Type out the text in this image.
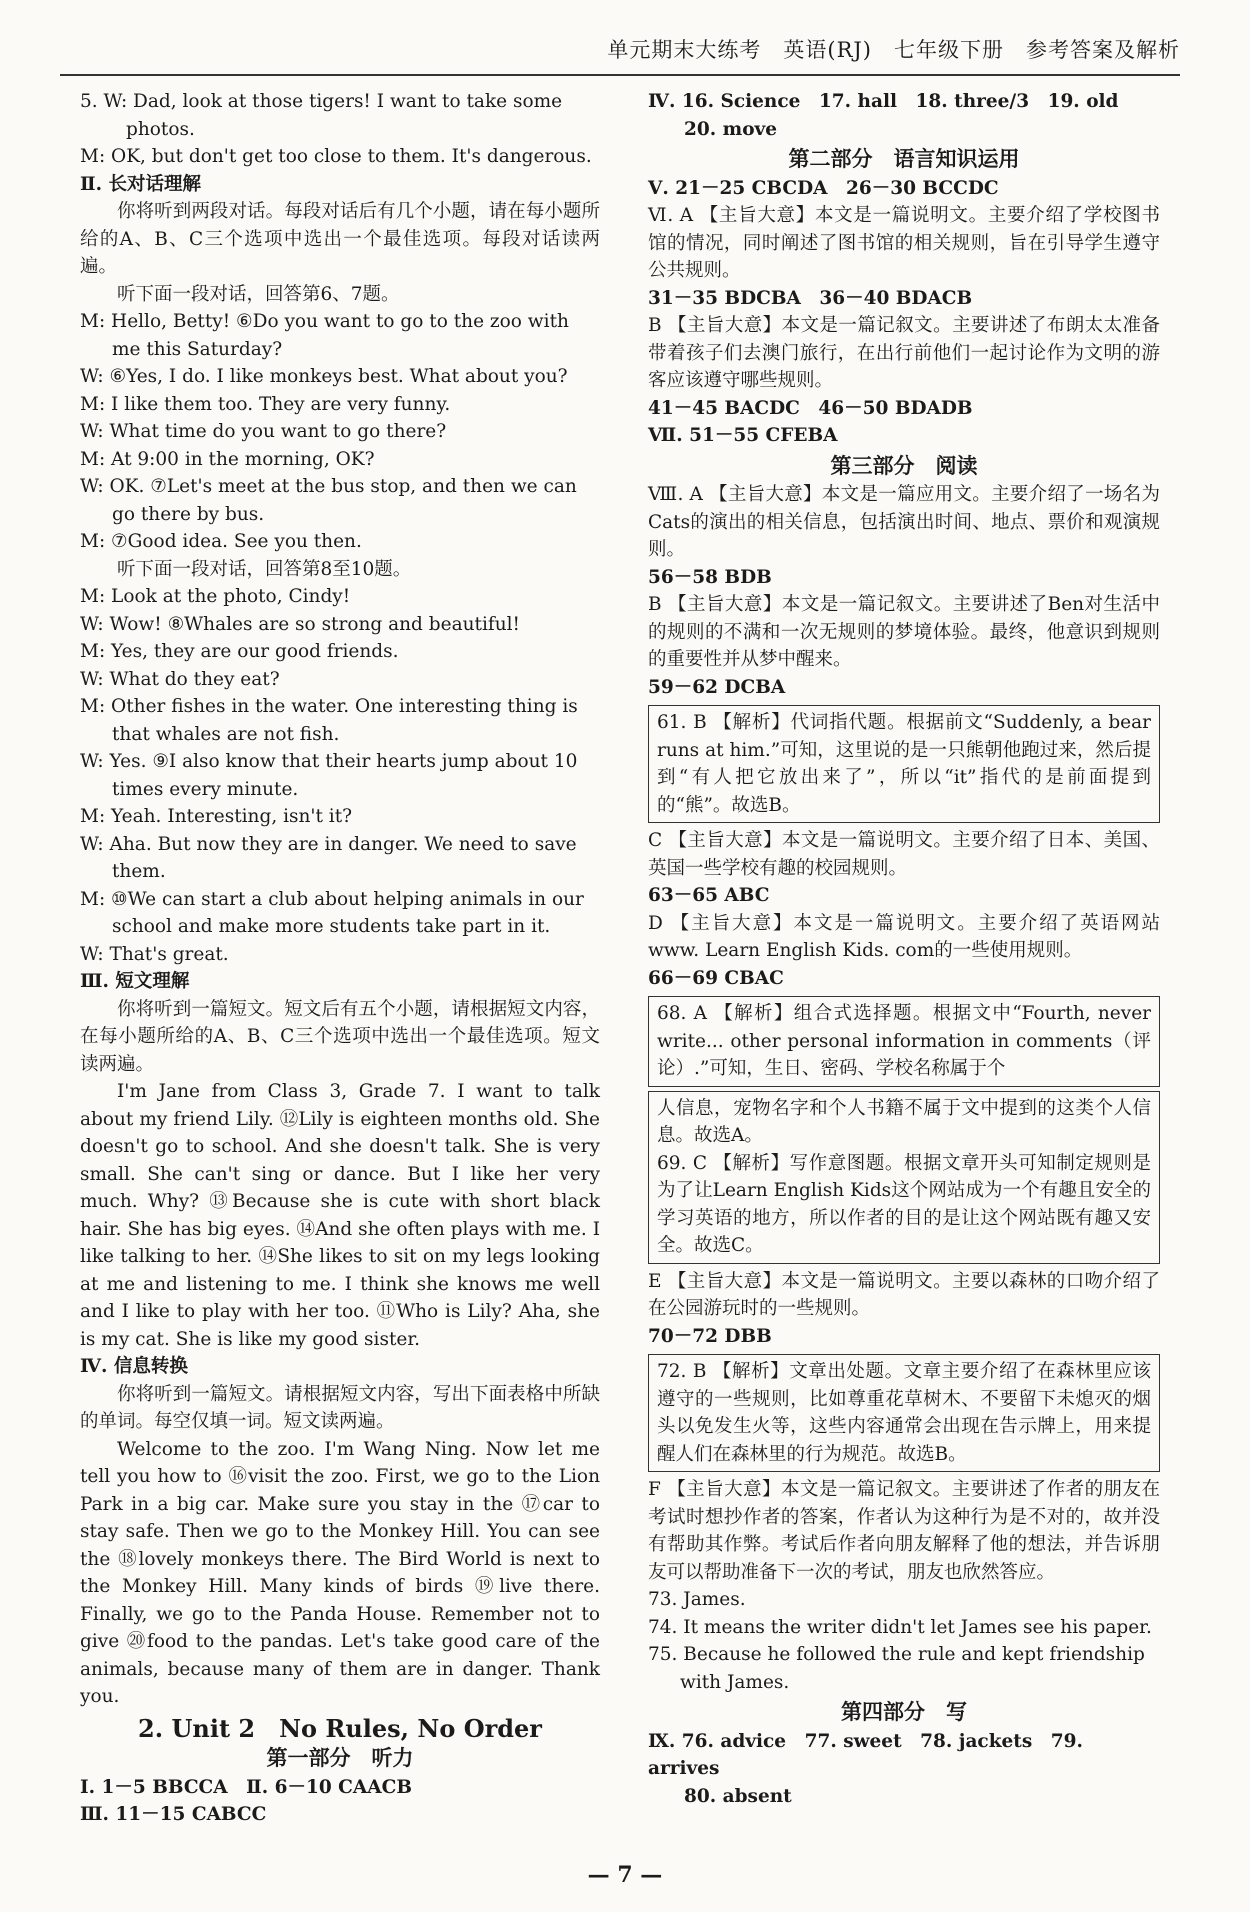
单元期末大练考　英语(RJ)　七年级下册　参考答案及解析

5. W: Dad, look at those tigers! I want to take some photos.

M: OK, but don't get too close to them. It's dangerous.

Ⅱ. 长对话理解

你将听到两段对话。每段对话后有几个小题，请在每小题所给的A、B、C三个选项中选出一个最佳选项。每段对话读两遍。

听下面一段对话，回答第6、7题。

M: Hello, Betty! ⑥Do you want to go to the zoo with me this Saturday?

W: ⑥Yes, I do. I like monkeys best. What about you?

M: I like them too. They are very funny.

W: What time do you want to go there?

M: At 9:00 in the morning, OK?

W: OK. ⑦Let's meet at the bus stop, and then we can go there by bus.

M: ⑦Good idea. See you then.

听下面一段对话，回答第8至10题。

M: Look at the photo, Cindy!

W: Wow! ⑧Whales are so strong and beautiful!

M: Yes, they are our good friends.

W: What do they eat?

M: Other fishes in the water. One interesting thing is that whales are not fish.

W: Yes. ⑨I also know that their hearts jump about 10 times every minute.

M: Yeah. Interesting, isn't it?

W: Aha. But now they are in danger. We need to save them.

M: ⑩We can start a club about helping animals in our school and make more students take part in it.

W: That's great.

Ⅲ. 短文理解

你将听到一篇短文。短文后有五个小题，请根据短文内容，在每小题所给的A、B、C三个选项中选出一个最佳选项。短文读两遍。

I'm Jane from Class 3, Grade 7. I want to talk about my friend Lily. ⑫Lily is eighteen months old. She doesn't go to school. And she doesn't talk. She is very small. She can't sing or dance. But I like her very much. Why? ⑬Because she is cute with short black hair. She has big eyes. ⑭And she often plays with me. I like talking to her. ⑭She likes to sit on my legs looking at me and listening to me. I think she knows me well and I like to play with her too. ⑪Who is Lily? Aha, she is my cat. She is like my good sister.

Ⅳ. 信息转换

你将听到一篇短文。请根据短文内容，写出下面表格中所缺的单词。每空仅填一词。短文读两遍。

Welcome to the zoo. I'm Wang Ning. Now let me tell you how to ⑯visit the zoo. First, we go to the Lion Park in a big car. Make sure you stay in the ⑰car to stay safe. Then we go to the Monkey Hill. You can see the ⑱lovely monkeys there. The Bird World is next to the Monkey Hill. Many kinds of birds ⑲live there. Finally, we go to the Panda House. Remember not to give ⑳food to the pandas. Let's take good care of the animals, because many of them are in danger. Thank you.

2. Unit 2　No Rules, No Order

第一部分　听力

Ⅰ. 1－5 BBCCA　Ⅱ. 6－10 CAACB

Ⅲ. 11－15 CABCC

Ⅳ. 16. Science　17. hall　18. three/3　19. old

20. move

第二部分　语言知识运用

Ⅴ. 21－25 CBCDA　26－30 BCCDC

Ⅵ. A 【主旨大意】本文是一篇说明文。主要介绍了学校图书馆的情况，同时阐述了图书馆的相关规则，旨在引导学生遵守公共规则。

31－35 BDCBA　36－40 BDACB

B 【主旨大意】本文是一篇记叙文。主要讲述了布朗太太准备带着孩子们去澳门旅行，在出行前他们一起讨论作为文明的游客应该遵守哪些规则。

41－45 BACDC　46－50 BDADB

Ⅶ. 51－55 CFEBA

第三部分　阅读

Ⅷ. A 【主旨大意】本文是一篇应用文。主要介绍了一场名为Cats的演出的相关信息，包括演出时间、地点、票价和观演规则。

56－58 BDB

B 【主旨大意】本文是一篇记叙文。主要讲述了Ben对生活中的规则的不满和一次无规则的梦境体验。最终，他意识到规则的重要性并从梦中醒来。

59－62 DCBA

61. B 【解析】代词指代题。根据前文“Suddenly, a bear runs at him.”可知，这里说的是一只熊朝他跑过来，然后提到“有人把它放出来了”，所以“it”指代的是前面提到的“熊”。故选B。

C 【主旨大意】本文是一篇说明文。主要介绍了日本、美国、英国一些学校有趣的校园规则。

63－65 ABC

D 【主旨大意】本文是一篇说明文。主要介绍了英语网站www. Learn English Kids. com的一些使用规则。

66－69 CBAC

68. A 【解析】组合式选择题。根据文中“Fourth, never write... other personal information in comments（评论）.”可知，生日、密码、学校名称属于个

人信息，宠物名字和个人书籍不属于文中提到的这类个人信息。故选A。

69. C 【解析】写作意图题。根据文章开头可知制定规则是为了让Learn English Kids这个网站成为一个有趣且安全的学习英语的地方，所以作者的目的是让这个网站既有趣又安全。故选C。

E 【主旨大意】本文是一篇说明文。主要以森林的口吻介绍了在公园游玩时的一些规则。

70－72 DBB

72. B 【解析】文章出处题。文章主要介绍了在森林里应该遵守的一些规则，比如尊重花草树木、不要留下未熄灭的烟头以免发生火等，这些内容通常会出现在告示牌上，用来提醒人们在森林里的行为规范。故选B。

F 【主旨大意】本文是一篇记叙文。主要讲述了作者的朋友在考试时想抄作者的答案，作者认为这种行为是不对的，故并没有帮助其作弊。考试后作者向朋友解释了他的想法，并告诉朋友可以帮助准备下一次的考试，朋友也欣然答应。

73. James.

74. It means the writer didn't let James see his paper.

75. Because he followed the rule and kept friendship with James.

第四部分　写

Ⅸ. 76. advice　77. sweet　78. jackets　79. arrives

80. absent

— 7 —
